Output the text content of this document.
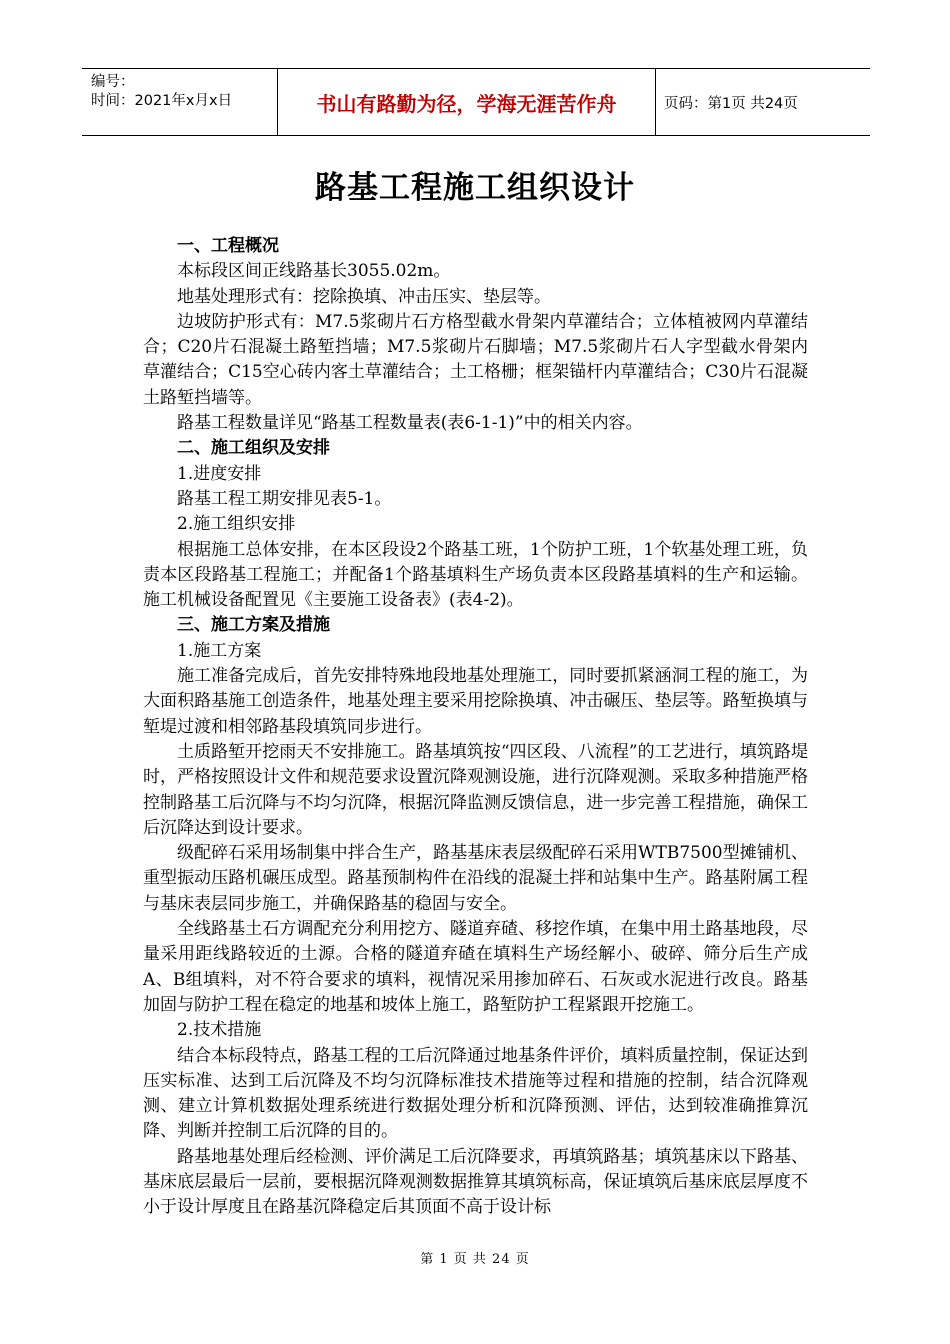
编号：
时间：2021年x月x日	书山有路勤为径，学海无涯苦作舟	页码：第1页 共24页
路基工程施工组织设计

一、工程概况

本标段区间正线路基长3055.02m。

地基处理形式有：挖除换填、冲击压实、垫层等。

边坡防护形式有：M7.5浆砌片石方格型截水骨架内草灌结合；立体植被网内草灌结合；C20片石混凝土路堑挡墙；M7.5浆砌片石脚墙；M7.5浆砌片石人字型截水骨架内草灌结合；C15空心砖内客土草灌结合；土工格栅；框架锚杆内草灌结合；C30片石混凝土路堑挡墙等。

路基工程数量详见“路基工程数量表(表6-1-1)”中的相关内容。

二、施工组织及安排

1.进度安排

路基工程工期安排见表5-1。

2.施工组织安排

根据施工总体安排，在本区段设2个路基工班，1个防护工班，1个软基处理工班，负责本区段路基工程施工；并配备1个路基填料生产场负责本区段路基填料的生产和运输。施工机械设备配置见《主要施工设备表》(表4-2)。

三、施工方案及措施

1.施工方案

施工准备完成后，首先安排特殊地段地基处理施工，同时要抓紧涵洞工程的施工，为大面积路基施工创造条件，地基处理主要采用挖除换填、冲击碾压、垫层等。路堑换填与堑堤过渡和相邻路基段填筑同步进行。

土质路堑开挖雨天不安排施工。路基填筑按“四区段、八流程”的工艺进行，填筑路堤时，严格按照设计文件和规范要求设置沉降观测设施，进行沉降观测。采取多种措施严格控制路基工后沉降与不均匀沉降，根据沉降监测反馈信息，进一步完善工程措施，确保工后沉降达到设计要求。

级配碎石采用场制集中拌合生产，路基基床表层级配碎石采用WTB7500型摊铺机、重型振动压路机碾压成型。路基预制构件在沿线的混凝土拌和站集中生产。路基附属工程与基床表层同步施工，并确保路基的稳固与安全。

全线路基土石方调配充分利用挖方、隧道弃碴、移挖作填，在集中用土路基地段，尽量采用距线路较近的土源。合格的隧道弃碴在填料生产场经解小、破碎、筛分后生产成A、B组填料，对不符合要求的填料，视情况采用掺加碎石、石灰或水泥进行改良。路基加固与防护工程在稳定的地基和坡体上施工，路堑防护工程紧跟开挖施工。

2.技术措施

结合本标段特点，路基工程的工后沉降通过地基条件评价，填料质量控制，保证达到压实标准、达到工后沉降及不均匀沉降标准技术措施等过程和措施的控制，结合沉降观测、建立计算机数据处理系统进行数据处理分析和沉降预测、评估，达到较准确推算沉降、判断并控制工后沉降的目的。

路基地基处理后经检测、评价满足工后沉降要求，再填筑路基；填筑基床以下路基、基床底层最后一层前，要根据沉降观测数据推算其填筑标高，保证填筑后基床底层厚度不小于设计厚度且在路基沉降稳定后其顶面不高于设计标

第 1 页 共 24 页
